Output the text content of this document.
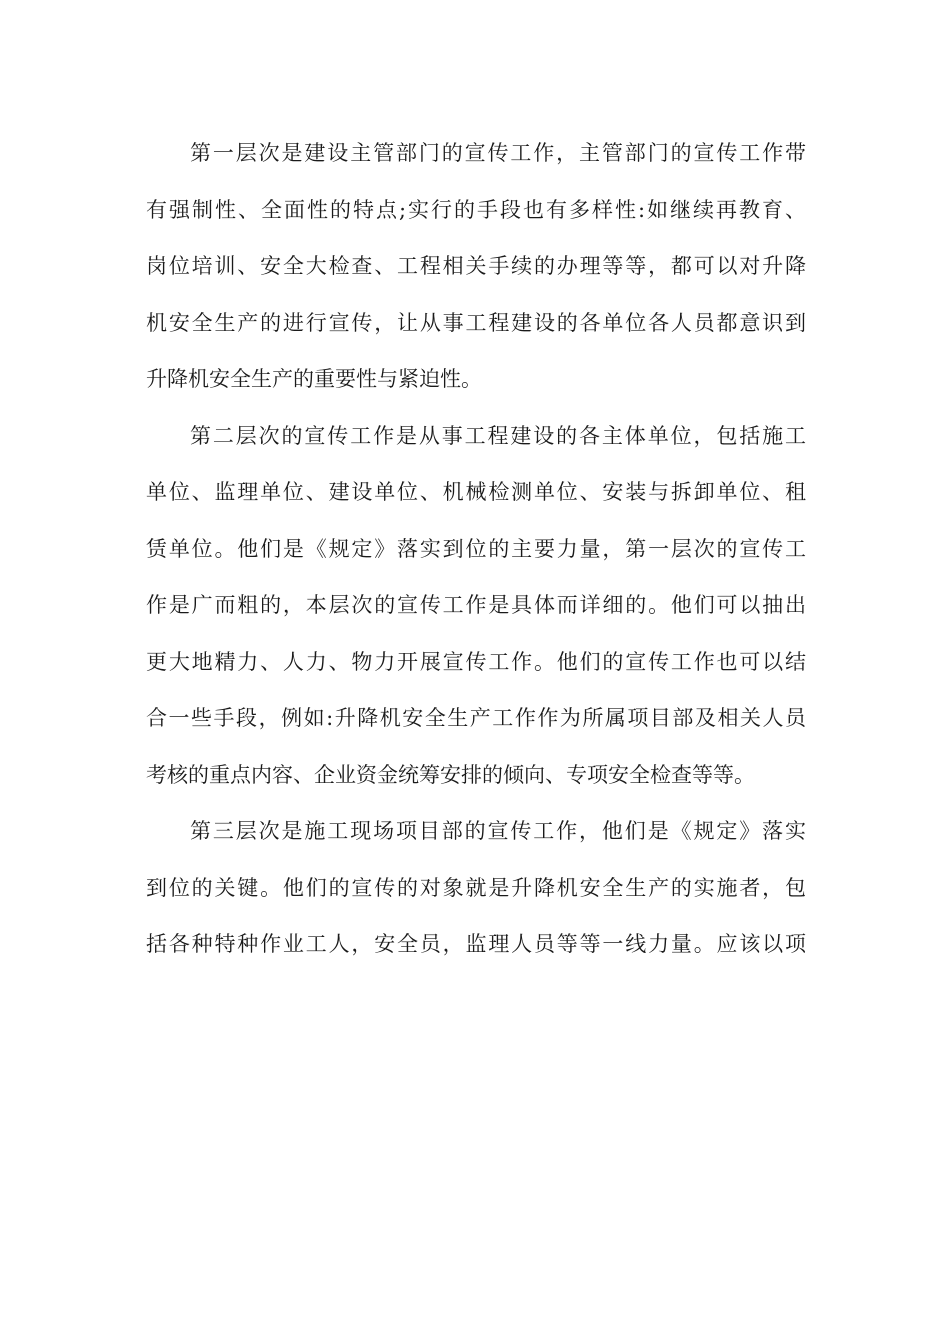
第一层次是建设主管部门的宣传工作，主管部门的宣传工作带
有强制性、全面性的特点;实行的手段也有多样性:如继续再教育、
岗位培训、安全大检查、工程相关手续的办理等等，都可以对升降
机安全生产的进行宣传，让从事工程建设的各单位各人员都意识到
升降机安全生产的重要性与紧迫性。
第二层次的宣传工作是从事工程建设的各主体单位，包括施工
单位、监理单位、建设单位、机械检测单位、安装与拆卸单位、租
赁单位。他们是《规定》落实到位的主要力量，第一层次的宣传工
作是广而粗的，本层次的宣传工作是具体而详细的。他们可以抽出
更大地精力、人力、物力开展宣传工作。他们的宣传工作也可以结
合一些手段，例如:升降机安全生产工作作为所属项目部及相关人员
考核的重点内容、企业资金统筹安排的倾向、专项安全检查等等。
第三层次是施工现场项目部的宣传工作，他们是《规定》落实
到位的关键。他们的宣传的对象就是升降机安全生产的实施者，包
括各种特种作业工人，安全员，监理人员等等一线力量。应该以项
